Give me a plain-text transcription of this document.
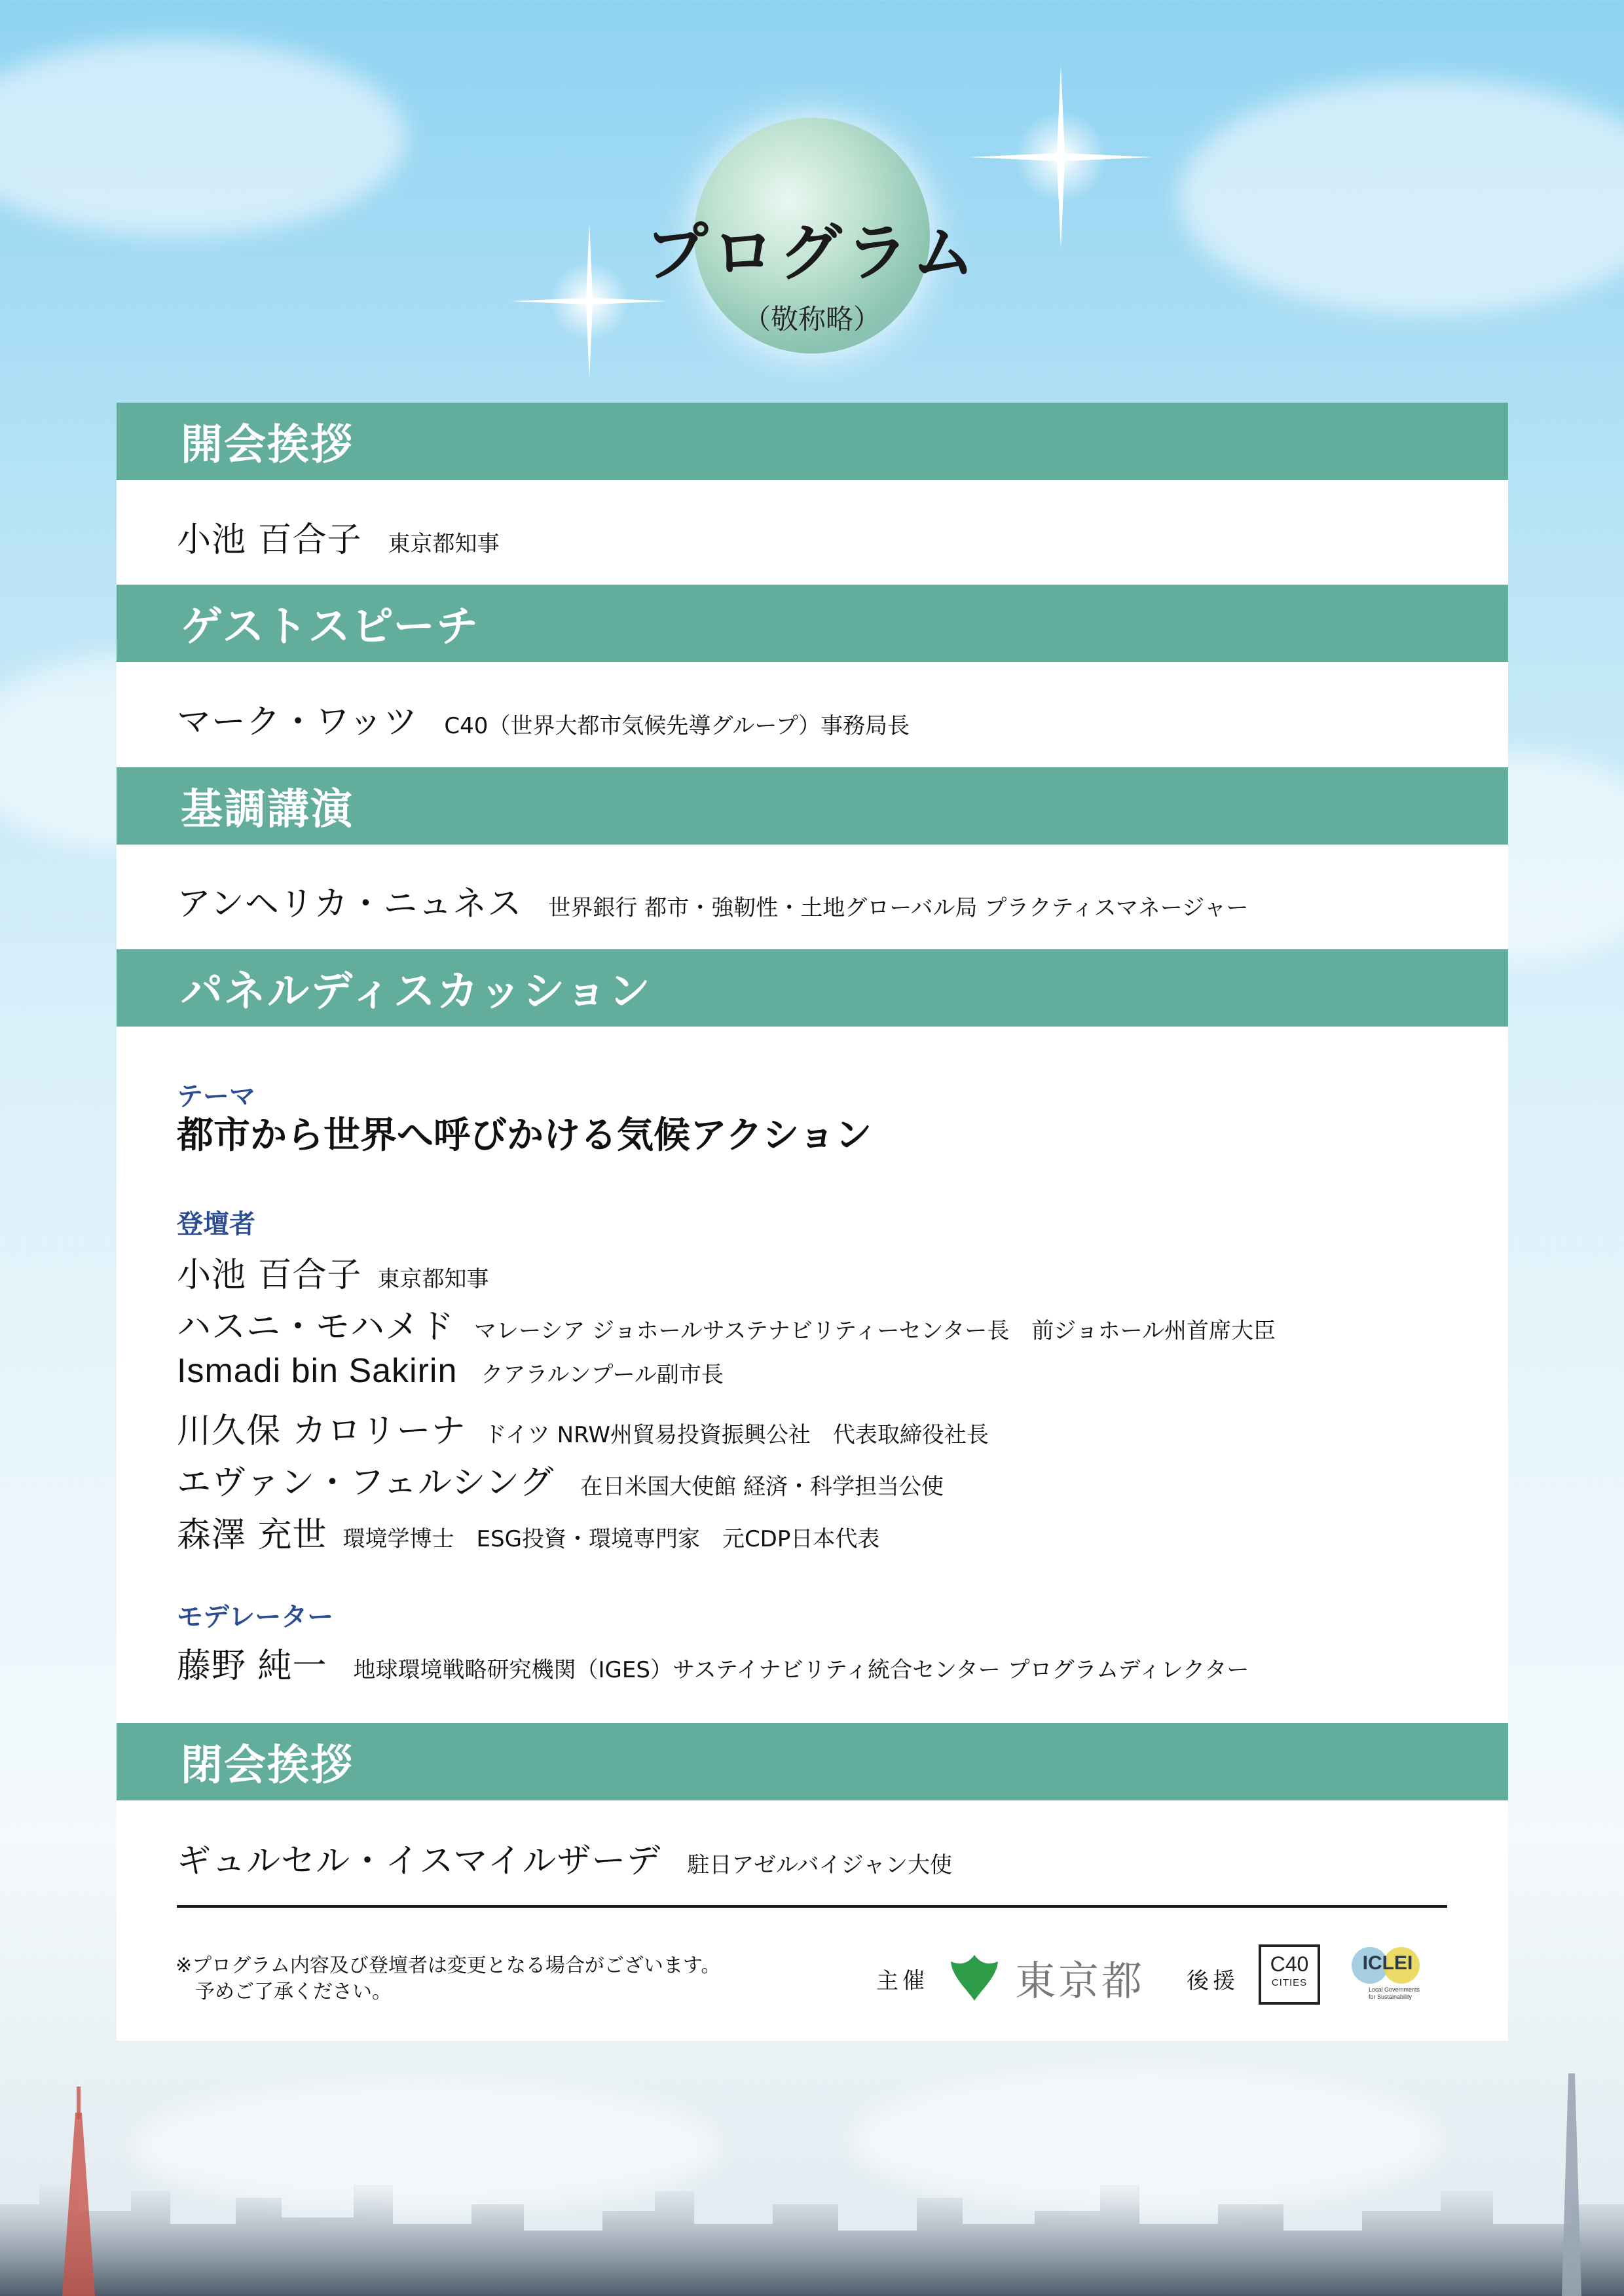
プログラム
（敬称略）
開会挨拶
小池 百合子 東京都知事
ゲストスピーチ
マーク・ワッツ C40（世界大都市気候先導グループ）事務局長
基調講演
アンヘリカ・ニュネス 世界銀行 都市・強靭性・土地グローバル局 プラクティスマネージャー
パネルディスカッション
テーマ
都市から世界へ呼びかける気候アクション
登壇者
小池 百合子 東京都知事
ハスニ・モハメド マレーシア ジョホールサステナビリティーセンター長　前ジョホール州首席大臣
Ismadi bin Sakirin クアラルンプール副市長
川久保 カロリーナ ドイツ NRW州貿易投資振興公社　代表取締役社長
エヴァン・フェルシング 在日米国大使館 経済・科学担当公使
森澤 充世 環境学博士　ESG投資・環境専門家　元CDP日本代表
モデレーター
藤野 純一 地球環境戦略研究機関（IGES）サステイナビリティ統合センター プログラムディレクター
閉会挨拶
ギュルセル・イスマイルザーデ 駐日アゼルバイジャン大使
※プログラム内容及び登壇者は変更となる場合がございます。
予めご了承ください。	主催 東京都 後援
C40
CITIES
ICLEI
Local Governments
for Sustainability
